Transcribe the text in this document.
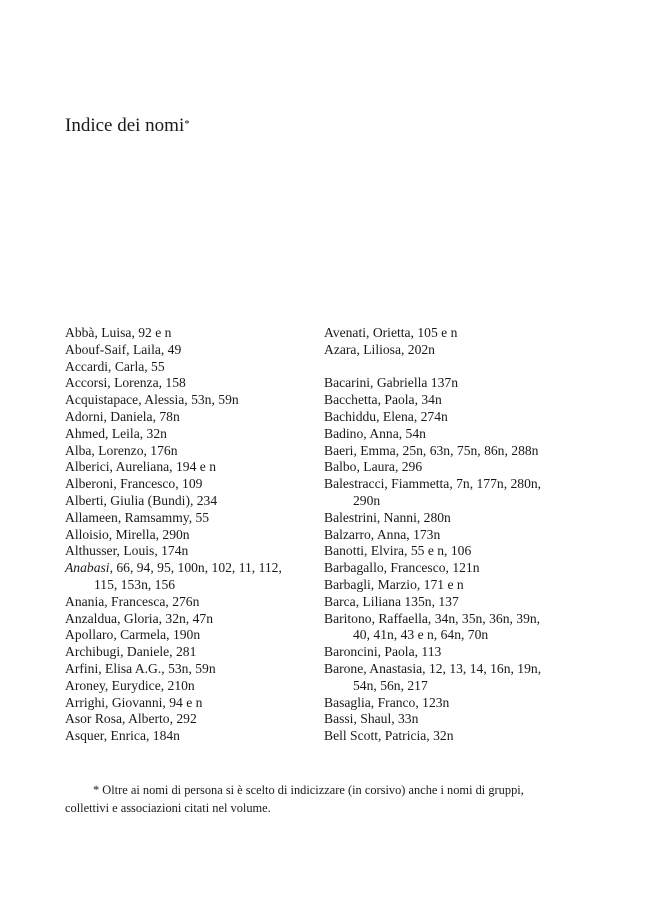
Indice dei nomi*
Abbà, Luisa, 92 e n
Abouf-Saif, Laila, 49
Accardi, Carla, 55
Accorsi, Lorenza, 158
Acquistapace, Alessia, 53n, 59n
Adorni, Daniela, 78n
Ahmed, Leila, 32n
Alba, Lorenzo, 176n
Alberici, Aureliana, 194 e n
Alberoni, Francesco, 109
Alberti, Giulia (Bundi), 234
Allameen, Ramsammy, 55
Alloisio, Mirella, 290n
Althusser, Louis, 174n
Anabasi, 66, 94, 95, 100n, 102, 11, 112,
115, 153n, 156
Anania, Francesca, 276n
Anzaldua, Gloria, 32n, 47n
Apollaro, Carmela, 190n
Archibugi, Daniele, 281
Arfini, Elisa A.G., 53n, 59n
Aroney, Eurydice, 210n
Arrighi, Giovanni, 94 e n
Asor Rosa, Alberto, 292
Asquer, Enrica, 184n
Avenati, Orietta, 105 e n
Azara, Liliosa, 202n
Bacarini, Gabriella 137n
Bacchetta, Paola, 34n
Bachiddu, Elena, 274n
Badino, Anna, 54n
Baeri, Emma, 25n, 63n, 75n, 86n, 288n
Balbo, Laura, 296
Balestracci, Fiammetta, 7n, 177n, 280n,
290n
Balestrini, Nanni, 280n
Balzarro, Anna, 173n
Banotti, Elvira, 55 e n, 106
Barbagallo, Francesco, 121n
Barbagli, Marzio, 171 e n
Barca, Liliana 135n, 137
Baritono, Raffaella, 34n, 35n, 36n, 39n,
40, 41n, 43 e n, 64n, 70n
Baroncini, Paola, 113
Barone, Anastasia, 12, 13, 14, 16n, 19n,
54n, 56n, 217
Basaglia, Franco, 123n
Bassi, Shaul, 33n
Bell Scott, Patricia, 32n
* Oltre ai nomi di persona si è scelto di indicizzare (in corsivo) anche i nomi di gruppi,
collettivi e associazioni citati nel volume.
